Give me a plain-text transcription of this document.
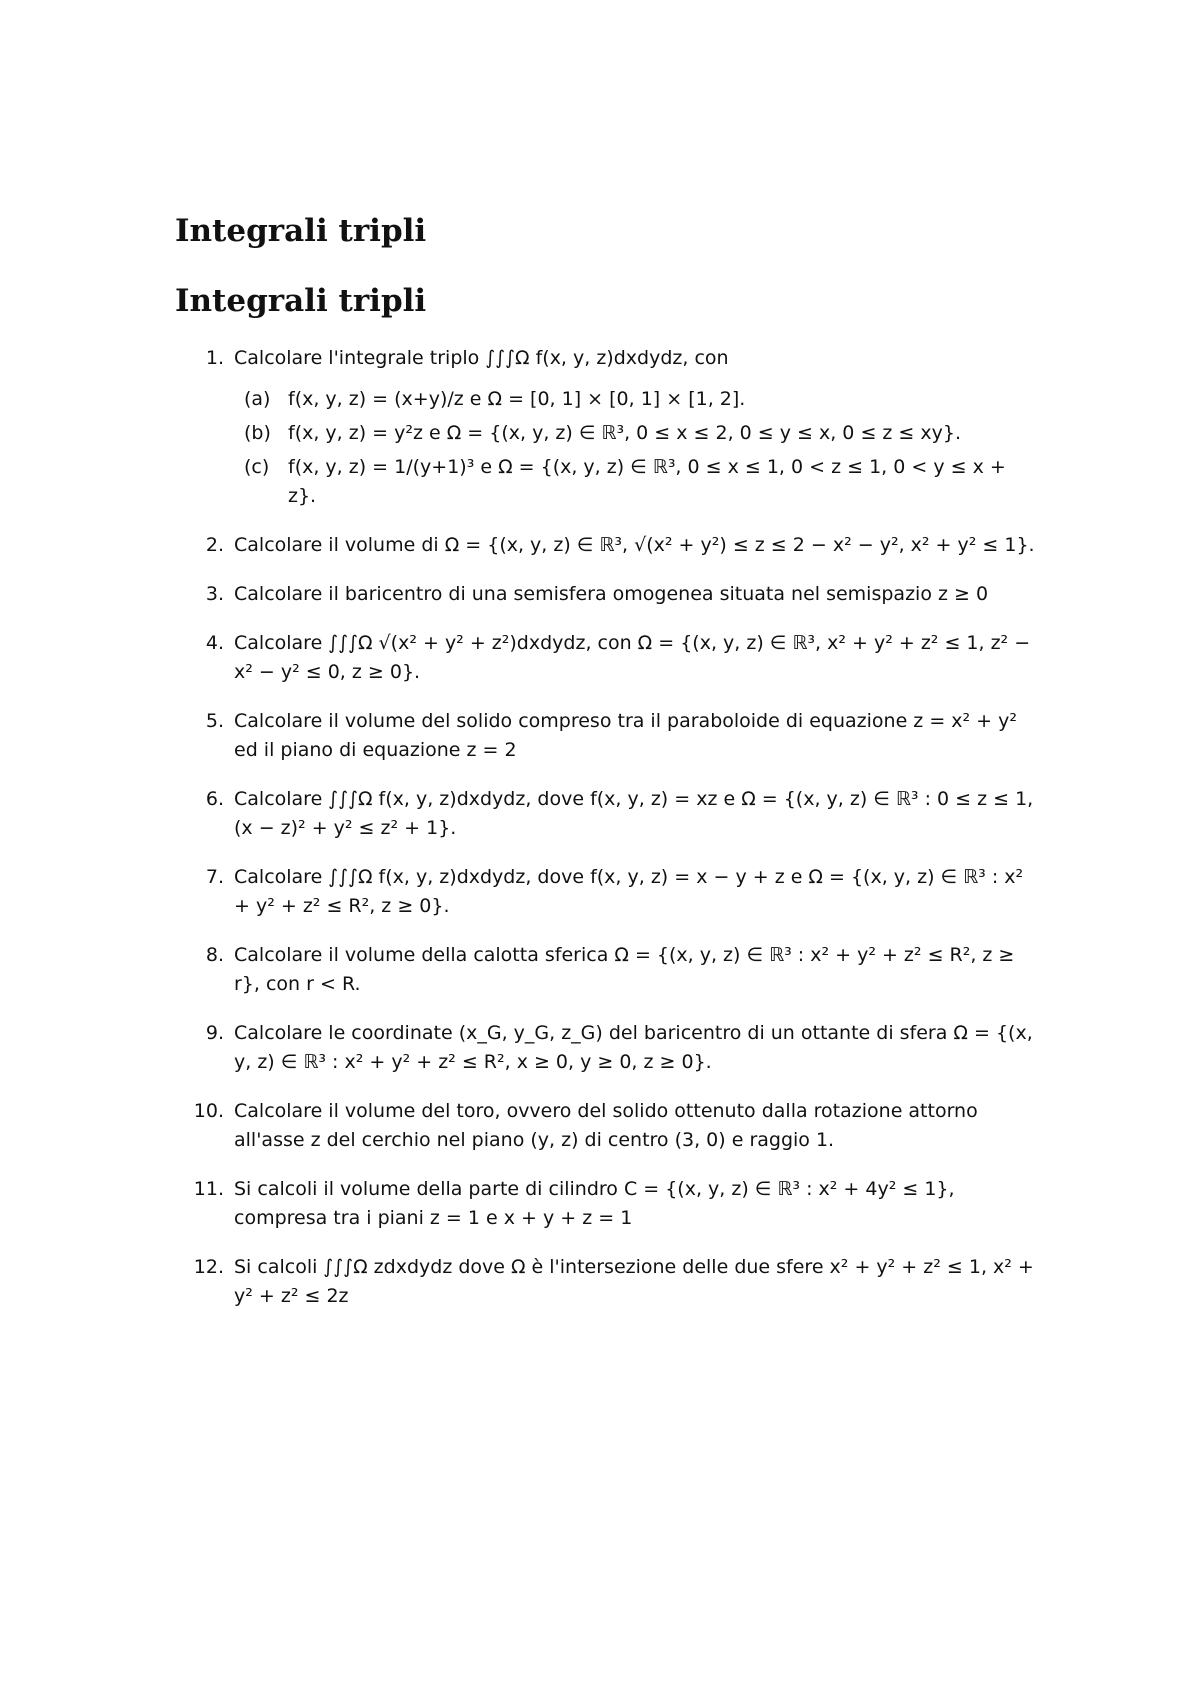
Integrali tripli
Integrali tripli
1. Calcolare l'integrale triplo ∫∫∫Ω f(x, y, z)dxdydz, con
(a) f(x, y, z) = (x+y)/z e Ω = [0, 1] × [0, 1] × [1, 2].
(b) f(x, y, z) = y²z e Ω = {(x, y, z) ∈ ℝ³, 0 ≤ x ≤ 2, 0 ≤ y ≤ x, 0 ≤ z ≤ xy}.
(c) f(x, y, z) = 1/(y+1)³ e Ω = {(x, y, z) ∈ ℝ³, 0 ≤ x ≤ 1, 0 < z ≤ 1, 0 < y ≤ x + z}.
2. Calcolare il volume di Ω = {(x, y, z) ∈ ℝ³, √(x² + y²) ≤ z ≤ 2 − x² − y², x² + y² ≤ 1}.
3. Calcolare il baricentro di una semisfera omogenea situata nel semispazio z ≥ 0
4. Calcolare ∫∫∫Ω √(x² + y² + z²)dxdydz, con Ω = {(x, y, z) ∈ ℝ³, x² + y² + z² ≤ 1, z² − x² − y² ≤ 0, z ≥ 0}.
5. Calcolare il volume del solido compreso tra il paraboloide di equazione z = x² + y² ed il piano di equazione z = 2
6. Calcolare ∫∫∫Ω f(x, y, z)dxdydz, dove f(x, y, z) = xz e Ω = {(x, y, z) ∈ ℝ³ : 0 ≤ z ≤ 1, (x − z)² + y² ≤ z² + 1}.
7. Calcolare ∫∫∫Ω f(x, y, z)dxdydz, dove f(x, y, z) = x − y + z e Ω = {(x, y, z) ∈ ℝ³ : x² + y² + z² ≤ R², z ≥ 0}.
8. Calcolare il volume della calotta sferica Ω = {(x, y, z) ∈ ℝ³ : x² + y² + z² ≤ R², z ≥ r}, con r < R.
9. Calcolare le coordinate (x_G, y_G, z_G) del baricentro di un ottante di sfera Ω = {(x, y, z) ∈ ℝ³ : x² + y² + z² ≤ R², x ≥ 0, y ≥ 0, z ≥ 0}.
10. Calcolare il volume del toro, ovvero del solido ottenuto dalla rotazione attorno all'asse z del cerchio nel piano (y, z) di centro (3, 0) e raggio 1.
11. Si calcoli il volume della parte di cilindro C = {(x, y, z) ∈ ℝ³ : x² + 4y² ≤ 1}, compresa tra i piani z = 1 e x + y + z = 1
12. Si calcoli ∫∫∫Ω zdxdydz dove Ω è l'intersezione delle due sfere x² + y² + z² ≤ 1, x² + y² + z² ≤ 2z
